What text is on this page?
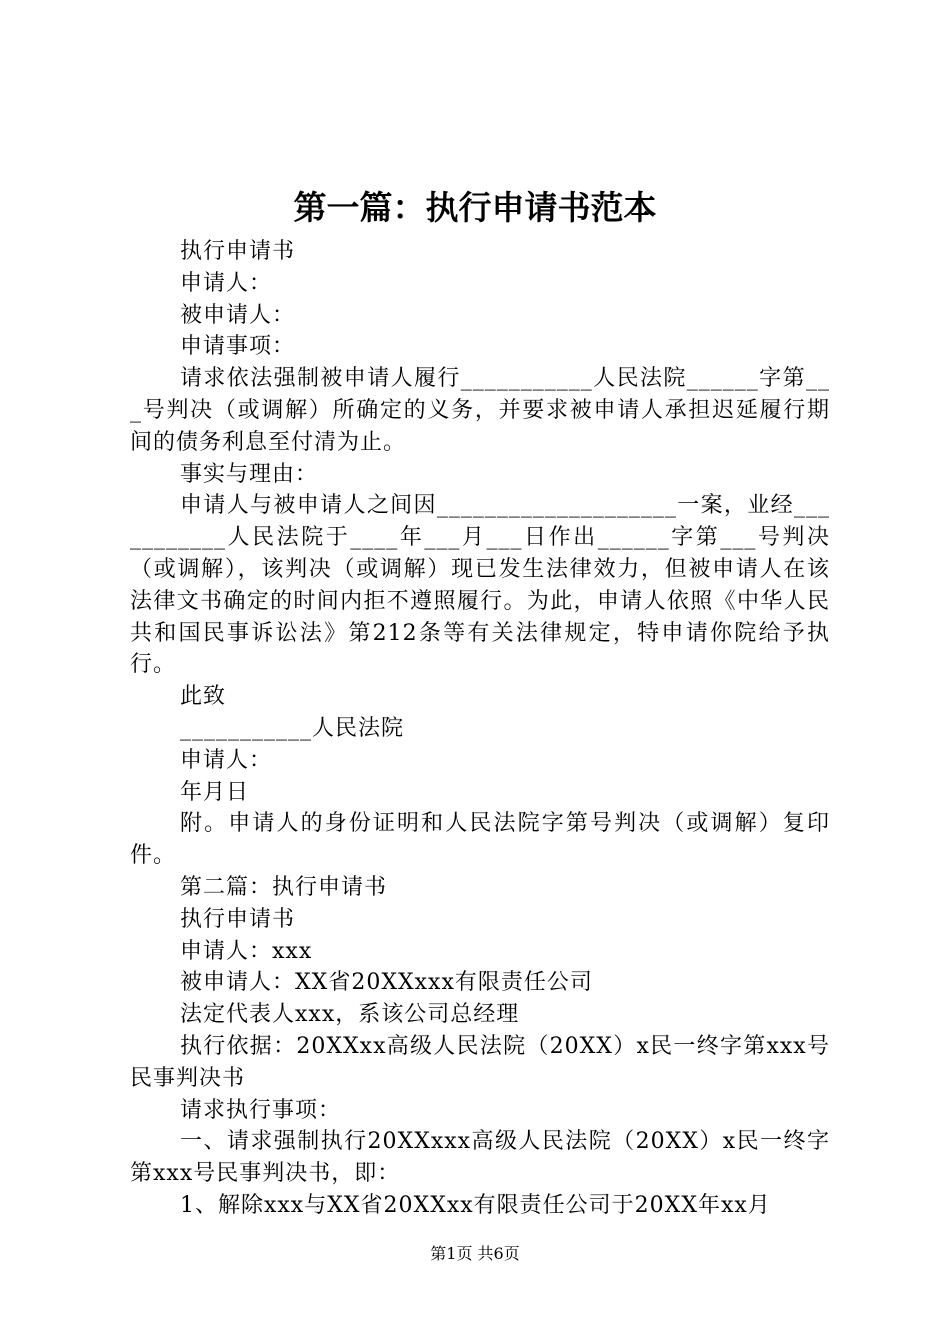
第一篇：执行申请书范本

执行申请书

申请人：

被申请人：

申请事项：

请求依法强制被申请人履行___________人民法院______字第___号判决（或调解）所确定的义务，并要求被申请人承担迟延履行期间的债务利息至付清为止。

事实与理由：

申请人与被申请人之间因____________________一案，业经___________人民法院于____年___月___日作出______字第___号判决（或调解），该判决（或调解）现已发生法律效力，但被申请人在该法律文书确定的时间内拒不遵照履行。为此，申请人依照《中华人民共和国民事诉讼法》第212条等有关法律规定，特申请你院给予执行。

此致

___________人民法院

申请人：

年月日

附。申请人的身份证明和人民法院字第号判决（或调解）复印件。

第二篇：执行申请书

执行申请书

申请人：xxx

被申请人：XX省20XXxxx有限责任公司

法定代表人xxx，系该公司总经理

执行依据：20XXxx高级人民法院（20XX）x民一终字第xxx号民事判决书

请求执行事项：

一、请求强制执行20XXxxx高级人民法院（20XX）x民一终字第xxx号民事判决书，即：

1、解除xxx与XX省20XXxx有限责任公司于20XX年xx月

第1页 共6页
